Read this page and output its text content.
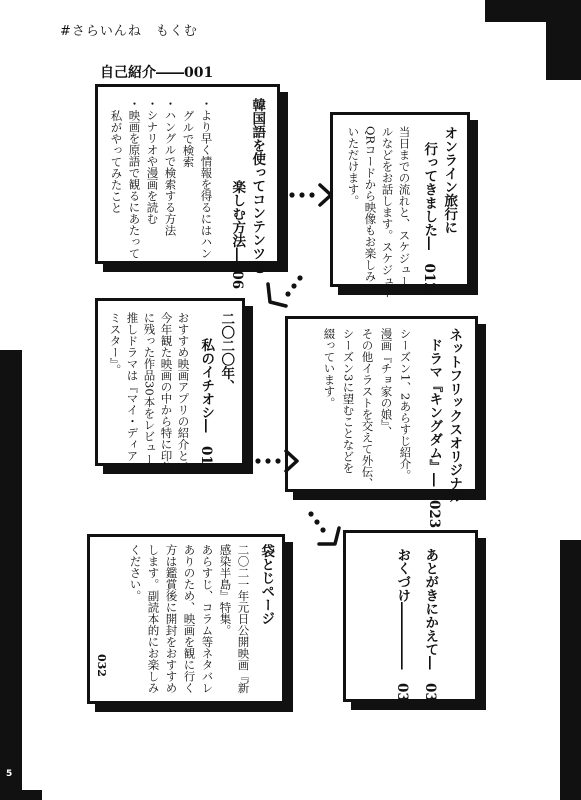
#さらいんね　もくむ
5
自己紹介――001
韓国語を使ってコンテンツを
楽しむ方法―006
・より早く情報を得るにはハン
グルで検索
・ハングルで検索する方法
・シナリオや漫画を読む
・映画を原語で観るにあたって
私がやってみたこと	オンライン旅行に
行ってきました―　012
当日までの流れと、スケジュー
ルなどをお話します。スケジュー
QRコードから映像もお楽しみ
いただけます。
二〇二〇年、
私のイチオシ―　017
おすすめ映画アプリの紹介と、
今年観た映画の中から特に印象
に残った作品30本をレビュー。
推しドラマは『マイ・ディア・
ミスター』。	ネットフリックスオリジナル
ドラマ『キングダム』―　023
シーズン1、2あらすじ紹介。
漫画『チョ家の娘』、
その他イラストを交えて外伝、
シーズン3に望むことなどを
綴っています。
袋とじページ
二〇二一年元日公開映画『新
感染半島』特集。
あらすじ、コラム等ネタバレ
ありのため、映画を観に行く
方は鑑賞後に開封をおすすめ
します。副読本的にお楽しみ
ください。
032	あとがきにかえて―　031
おくづけ―――――　032
